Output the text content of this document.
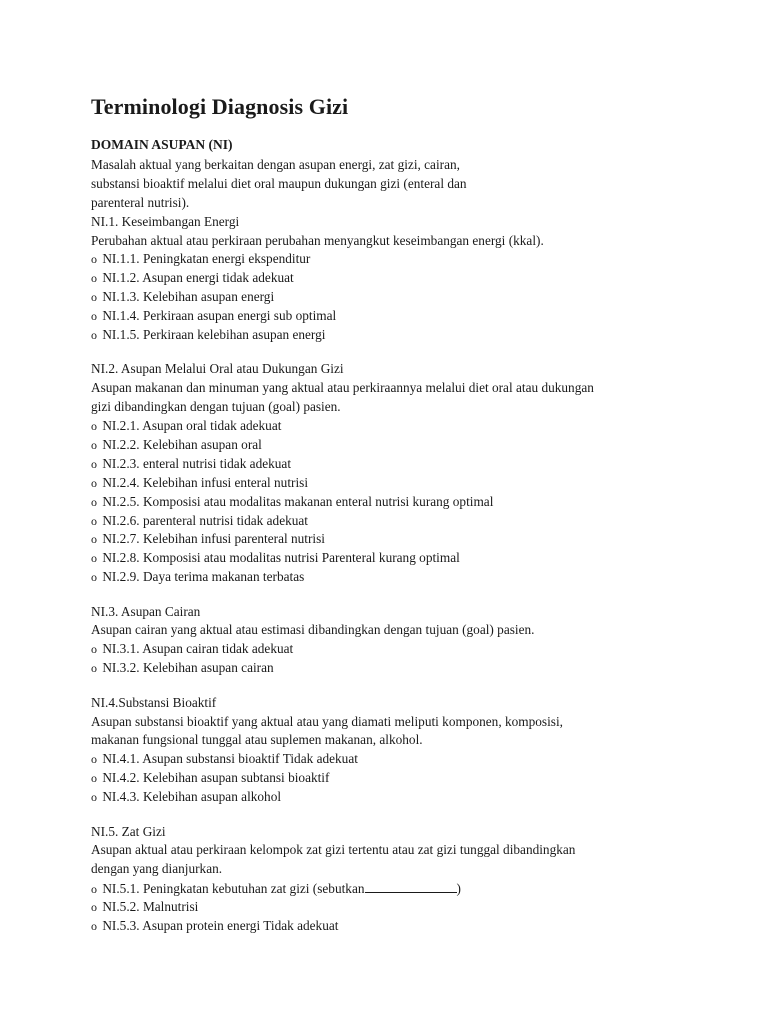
Terminologi Diagnosis Gizi
DOMAIN ASUPAN (NI)
Masalah aktual yang berkaitan dengan asupan energi, zat gizi, cairan,
substansi bioaktif melalui diet oral maupun dukungan gizi (enteral dan
parenteral nutrisi).
NI.1. Keseimbangan Energi
Perubahan aktual atau perkiraan perubahan menyangkut keseimbangan energi (kkal).
o NI.1.1. Peningkatan energi ekspenditur
o NI.1.2. Asupan energi tidak adekuat
o NI.1.3. Kelebihan asupan energi
o NI.1.4. Perkiraan asupan energi sub optimal
o NI.1.5. Perkiraan kelebihan asupan energi
NI.2. Asupan Melalui Oral atau Dukungan Gizi
Asupan makanan dan minuman yang aktual atau perkiraannya melalui diet oral atau dukungan
gizi dibandingkan dengan tujuan (goal) pasien.
o NI.2.1. Asupan oral tidak adekuat
o NI.2.2. Kelebihan asupan oral
o NI.2.3. enteral nutrisi tidak adekuat
o NI.2.4. Kelebihan infusi enteral nutrisi
o NI.2.5. Komposisi atau modalitas makanan enteral nutrisi kurang optimal
o NI.2.6. parenteral nutrisi tidak adekuat
o NI.2.7. Kelebihan infusi parenteral nutrisi
o NI.2.8. Komposisi atau modalitas nutrisi Parenteral kurang optimal
o NI.2.9. Daya terima makanan terbatas
NI.3. Asupan Cairan
Asupan cairan yang aktual atau estimasi dibandingkan dengan tujuan (goal) pasien.
o NI.3.1. Asupan cairan tidak adekuat
o NI.3.2. Kelebihan asupan cairan
NI.4.Substansi Bioaktif
Asupan substansi bioaktif yang aktual atau yang diamati meliputi komponen, komposisi,
makanan fungsional tunggal atau suplemen makanan, alkohol.
o NI.4.1. Asupan substansi bioaktif Tidak adekuat
o NI.4.2. Kelebihan asupan subtansi bioaktif
o NI.4.3. Kelebihan asupan alkohol
NI.5. Zat Gizi
Asupan aktual atau perkiraan kelompok zat gizi tertentu atau zat gizi tunggal dibandingkan
dengan yang dianjurkan.
o NI.5.1. Peningkatan kebutuhan zat gizi (sebutkan	)
o NI.5.2. Malnutrisi
o NI.5.3. Asupan protein energi Tidak adekuat
